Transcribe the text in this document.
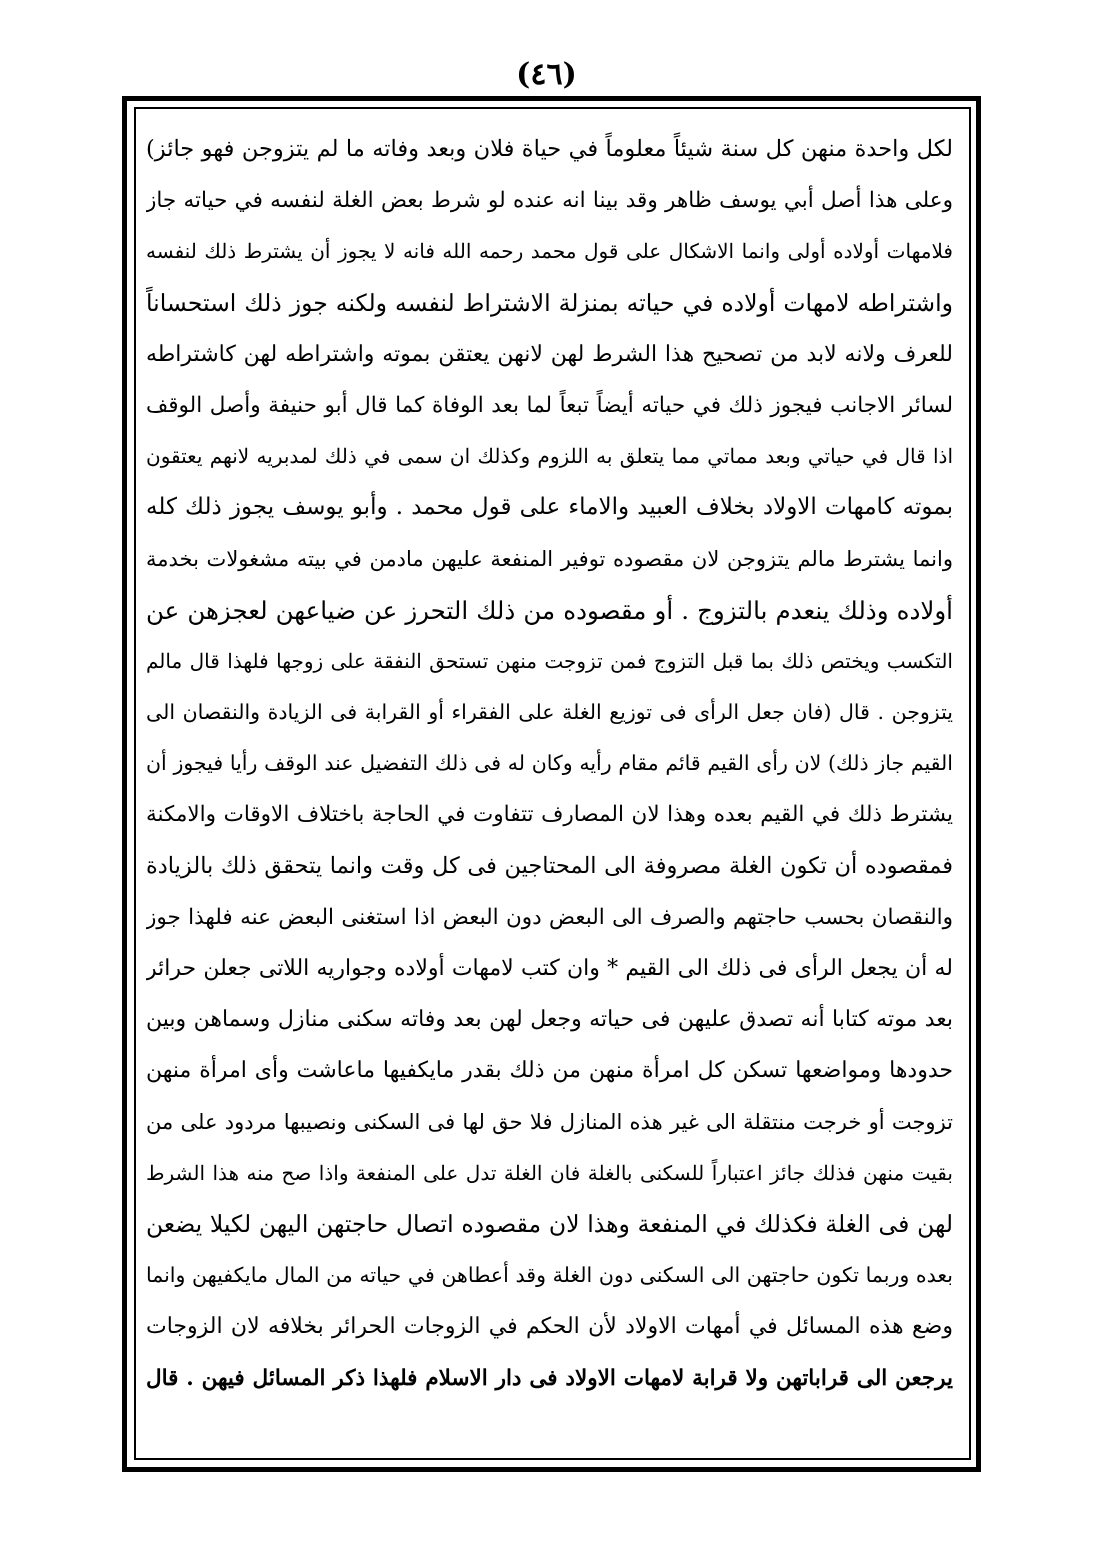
(٤٦)
لكل واحدة منهن كل سنة شيئاً معلوماً في حياة فلان وبعد وفاته ما لم يتزوجن فهو جائز)
وعلى هذا أصل أبي يوسف ظاهر وقد بينا انه عنده لو شرط بعض الغلة لنفسه في حياته جاز
فلامهات أولاده أولى وانما الاشكال على قول محمد رحمه الله فانه لا يجوز أن يشترط ذلك لنفسه
واشتراطه لامهات أولاده في حياته بمنزلة الاشتراط لنفسه ولكنه جوز ذلك استحساناً
للعرف ولانه لابد من تصحيح هذا الشرط لهن لانهن يعتقن بموته واشتراطه لهن كاشتراطه
لسائر الاجانب فيجوز ذلك في حياته أيضاً تبعاً لما بعد الوفاة كما قال أبو حنيفة وأصل الوقف
اذا قال في حياتي وبعد مماتي مما يتعلق به اللزوم وكذلك ان سمى في ذلك لمدبريه لانهم يعتقون
بموته كامهات الاولاد بخلاف العبيد والاماء على قول محمد . وأبو يوسف يجوز ذلك كله
وانما يشترط مالم يتزوجن لان مقصوده توفير المنفعة عليهن مادمن في بيته مشغولات بخدمة
أولاده وذلك ينعدم بالتزوج . أو مقصوده من ذلك التحرز عن ضياعهن لعجزهن عن
التكسب ويختص ذلك بما قبل التزوج فمن تزوجت منهن تستحق النفقة على زوجها فلهذا قال مالم
يتزوجن . قال (فان جعل الرأى فى توزيع الغلة على الفقراء أو القرابة فى الزيادة والنقصان الى
القيم جاز ذلك) لان رأى القيم قائم مقام رأيه وكان له فى ذلك التفضيل عند الوقف رأيا فيجوز أن
يشترط ذلك في القيم بعده وهذا لان المصارف تتفاوت في الحاجة باختلاف الاوقات والامكنة
فمقصوده أن تكون الغلة مصروفة الى المحتاجين فى كل وقت وانما يتحقق ذلك بالزيادة
والنقصان بحسب حاجتهم والصرف الى البعض دون البعض اذا استغنى البعض عنه فلهذا جوز
له أن يجعل الرأى فى ذلك الى القيم * وان كتب لامهات أولاده وجواريه اللاتى جعلن حرائر
بعد موته كتابا أنه تصدق عليهن فى حياته وجعل لهن بعد وفاته سكنى منازل وسماهن وبين
حدودها ومواضعها تسكن كل امرأة منهن من ذلك بقدر مايكفيها ماعاشت وأى امرأة منهن
تزوجت أو خرجت منتقلة الى غير هذه المنازل فلا حق لها فى السكنى ونصيبها مردود على من
بقيت منهن فذلك جائز اعتباراً للسكنى بالغلة فان الغلة تدل على المنفعة واذا صح منه هذا الشرط
لهن فى الغلة فكذلك في المنفعة وهذا لان مقصوده اتصال حاجتهن اليهن لكيلا يضعن
بعده وربما تكون حاجتهن الى السكنى دون الغلة وقد أعطاهن في حياته من المال مايكفيهن وانما
وضع هذه المسائل في أمهات الاولاد لأن الحكم في الزوجات الحرائر بخلافه لان الزوجات
يرجعن الى قراباتهن ولا قرابة لامهات الاولاد فى دار الاسلام فلهذا ذكر المسائل فيهن . قال
